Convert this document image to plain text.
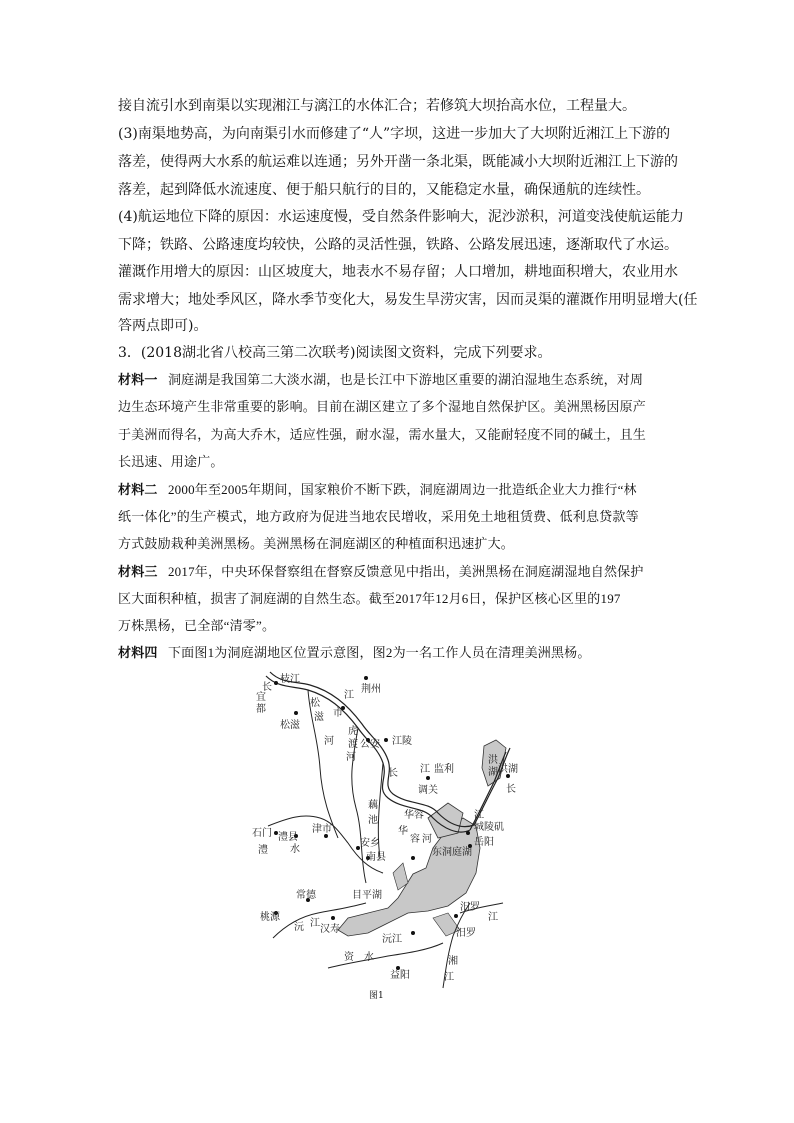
接自流引水到南渠以实现湘江与漓江的水体汇合；若修筑大坝抬高水位，工程量大。
(3)南渠地势高，为向南渠引水而修建了“人”字坝，这进一步加大了大坝附近湘江上下游的
落差，使得两大水系的航运难以连通；另外开凿一条北渠，既能减小大坝附近湘江上下游的
落差，起到降低水流速度、便于船只航行的目的，又能稳定水量，确保通航的连续性。
(4)航运地位下降的原因：水运速度慢，受自然条件影响大，泥沙淤积，河道变浅使航运能力
下降；铁路、公路速度均较快，公路的灵活性强，铁路、公路发展迅速，逐渐取代了水运。
灌溉作用增大的原因：山区坡度大，地表水不易存留；人口增加，耕地面积增大，农业用水
需求增大；地处季风区，降水季节变化大，易发生旱涝灾害，因而灵渠的灌溉作用明显增大(任
答两点即可)。
3．(2018湖北省八校高三第二次联考)阅读图文资料，完成下列要求。
材料一 洞庭湖是我国第二大淡水湖，也是长江中下游地区重要的湖泊湿地生态系统，对周
边生态环境产生非常重要的影响。目前在湖区建立了多个湿地自然保护区。美洲黑杨因原产
于美洲而得名，为高大乔木，适应性强，耐水湿，需水量大，又能耐轻度不同的碱土，且生
长迅速、用途广。
材料二 2000年至2005年期间，国家粮价不断下跌，洞庭湖周边一批造纸企业大力推行“林
纸一体化”的生产模式，地方政府为促进当地农民增收，采用免土地租赁费、低利息贷款等
方式鼓励栽种美洲黑杨。美洲黑杨在洞庭湖区的种植面积迅速扩大。
材料三 2017年，中央环保督察组在督察反馈意见中指出，美洲黑杨在洞庭湖湿地自然保护
区大面积种植，损害了洞庭湖的自然生态。截至2017年12月6日，保护区核心区里的197
万株黑杨，已全部“清零”。
材料四 下面图1为洞庭湖地区位置示意图，图2为一名工作人员在清理美洲黑杨。
长
枝江
江
荆州
宜
都
松
滋 市
松滋
河
虎
渡 公安 江陵
河
长 江 监利
洪
湖 洪湖
长
石门 澧县
澧
津市
水
藕
池
调关
华容
华
容 河
城陵矶
江
岳阳
安乡
南县	东洞庭湖
常德
桃源
沅 江
汉寿
目平湖
沅江
汨罗
江
汨罗
资 水
益阳
湘
江
图1
